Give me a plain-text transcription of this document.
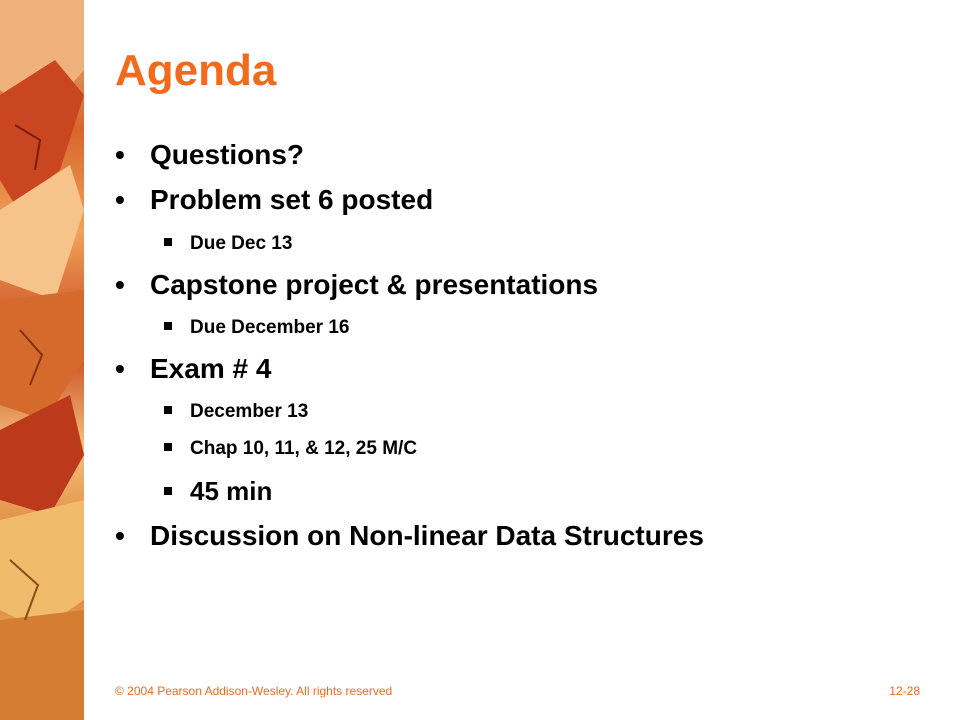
Agenda
• Questions?
• Problem set 6 posted
Due Dec 13
• Capstone project & presentations
Due December 16
• Exam # 4
December 13
Chap 10, 11, & 12, 25 M/C
45 min
• Discussion on Non-linear Data Structures
© 2004 Pearson Addison-Wesley. All rights reserved	12-28
